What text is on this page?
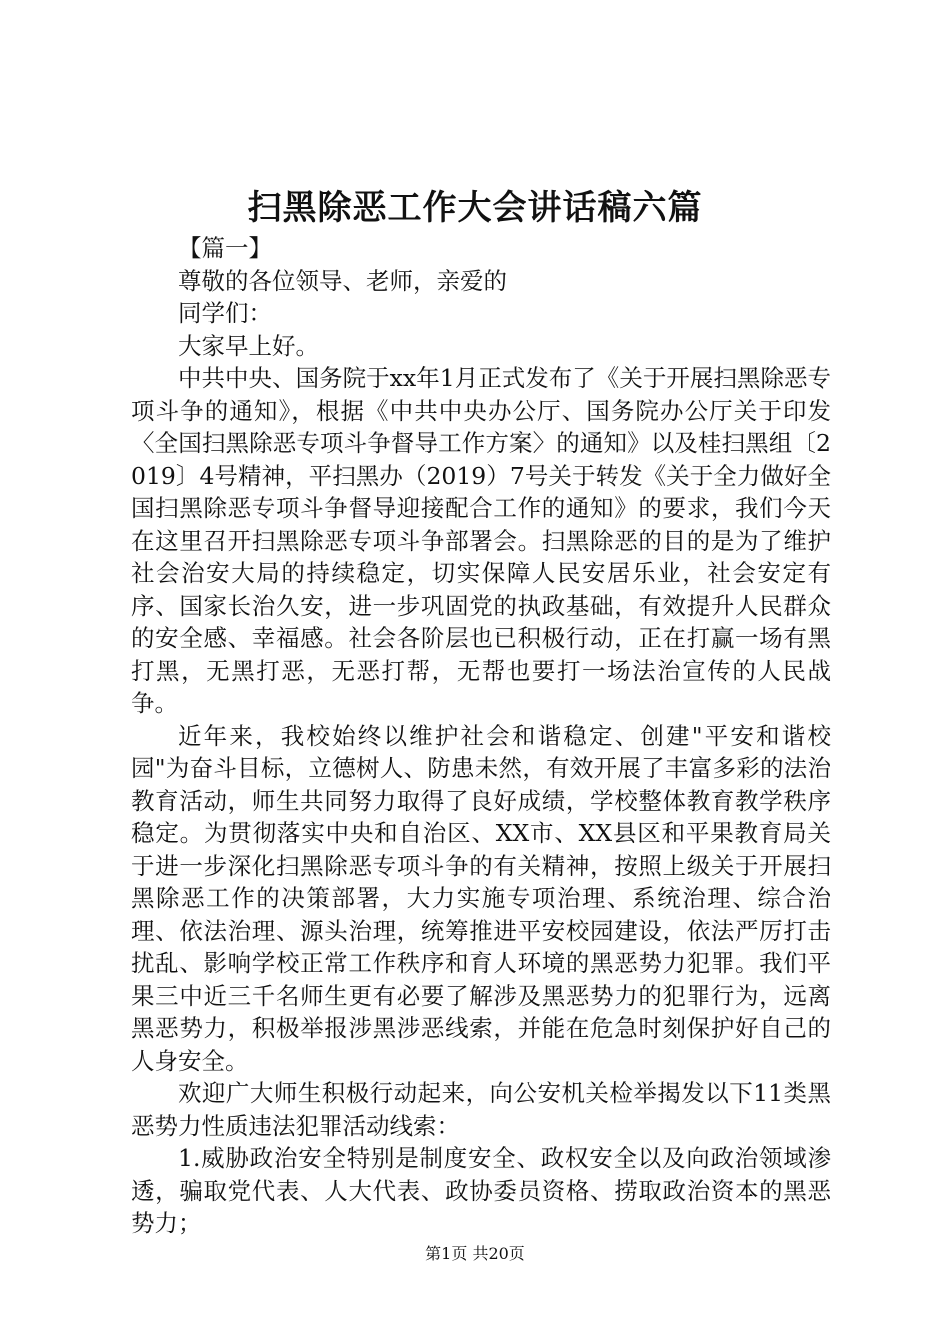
扫黑除恶工作大会讲话稿六篇

【篇一】

尊敬的各位领导、老师，亲爱的

同学们：

大家早上好。

中共中央、国务院于xx年1月正式发布了《关于开展扫黑除恶专项斗争的通知》，根据《中共中央办公厅、国务院办公厅关于印发〈全国扫黑除恶专项斗争督导工作方案〉的通知》以及桂扫黑组〔2019〕4号精神，平扫黑办（2019）7号关于转发《关于全力做好全国扫黑除恶专项斗争督导迎接配合工作的通知》的要求，我们今天在这里召开扫黑除恶专项斗争部署会。扫黑除恶的目的是为了维护社会治安大局的持续稳定，切实保障人民安居乐业，社会安定有序、国家长治久安，进一步巩固党的执政基础，有效提升人民群众的安全感、幸福感。社会各阶层也已积极行动，正在打赢一场有黑打黑，无黑打恶，无恶打帮，无帮也要打一场法治宣传的人民战争。

近年来，我校始终以维护社会和谐稳定、创建"平安和谐校园"为奋斗目标，立德树人、防患未然，有效开展了丰富多彩的法治教育活动，师生共同努力取得了良好成绩，学校整体教育教学秩序稳定。为贯彻落实中央和自治区、XX市、XX县区和平果教育局关于进一步深化扫黑除恶专项斗争的有关精神，按照上级关于开展扫黑除恶工作的决策部署，大力实施专项治理、系统治理、综合治理、依法治理、源头治理，统筹推进平安校园建设，依法严厉打击扰乱、影响学校正常工作秩序和育人环境的黑恶势力犯罪。我们平果三中近三千名师生更有必要了解涉及黑恶势力的犯罪行为，远离黑恶势力，积极举报涉黑涉恶线索，并能在危急时刻保护好自己的人身安全。

欢迎广大师生积极行动起来，向公安机关检举揭发以下11类黑恶势力性质违法犯罪活动线索：

1.威胁政治安全特别是制度安全、政权安全以及向政治领域渗透，骗取党代表、人大代表、政协委员资格、捞取政治资本的黑恶势力；

第1页 共20页
